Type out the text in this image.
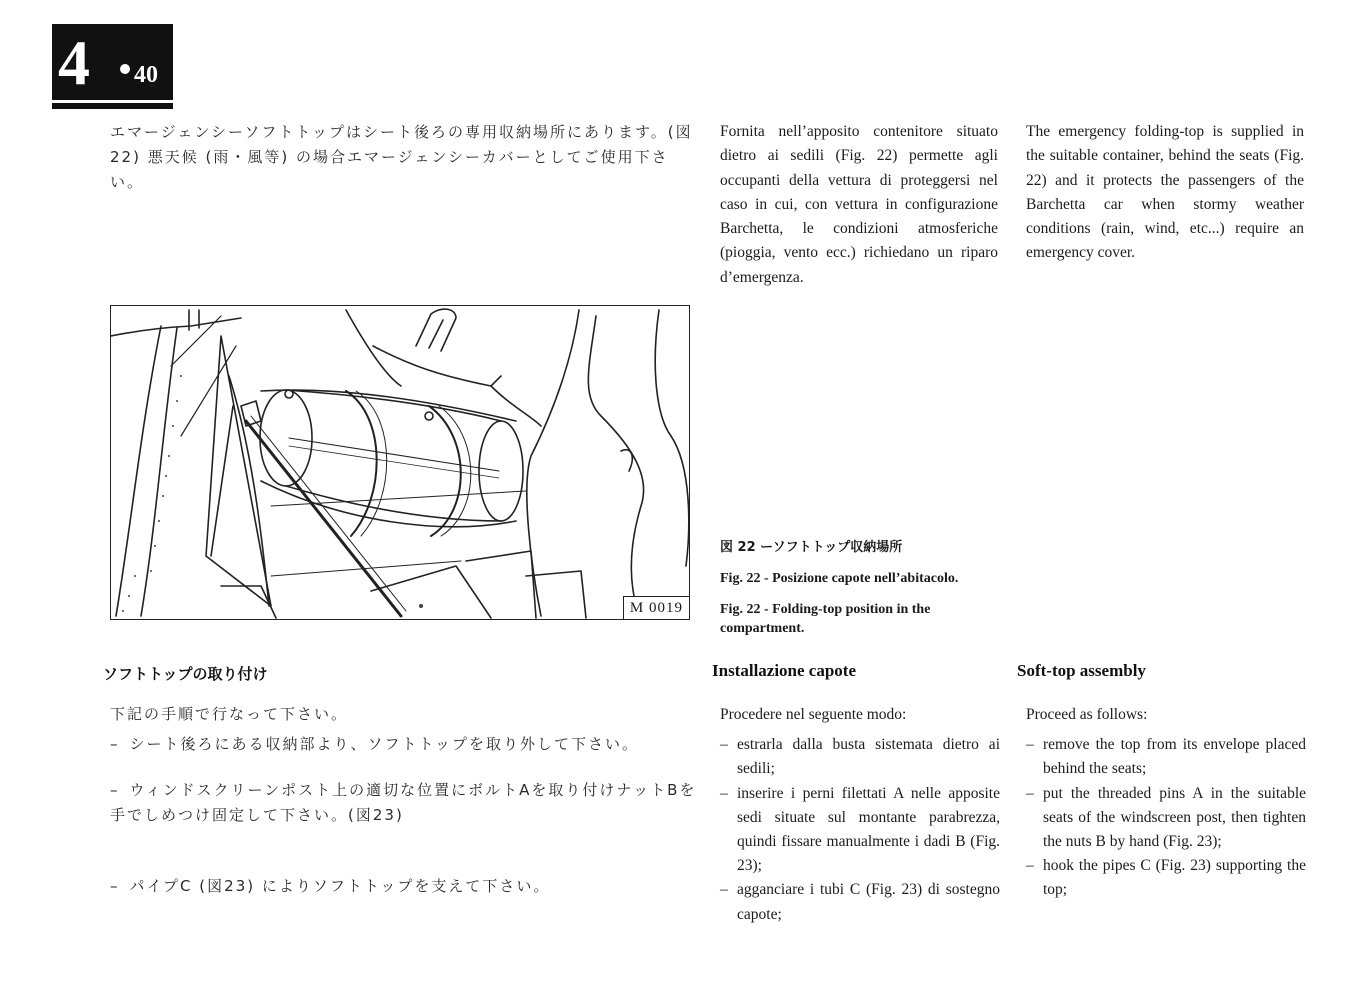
4 40
エマージェンシーソフトトップはシート後ろの専用収納場所にあります。(図22) 悪天候 (雨・風等) の場合エマージェンシーカバーとしてご使用下さい。
Fornita nell’apposito contenitore situato dietro ai sedili (Fig. 22) permette agli occupanti della vettura di proteggersi nel caso in cui, con vettura in configurazione Barchetta, le condizioni atmosferiche (pioggia, vento ecc.) richiedano un riparo d’emergenza.
The emergency folding-top is supplied in the suitable container, behind the seats (Fig. 22) and it protects the passengers of the Barchetta car when stormy weather conditions (rain, wind, etc...) require an emergency cover.
M 0019
図 22 ーソフトトップ収納場所
Fig. 22 - Posizione capote nell’abitacolo.
Fig. 22 - Folding-top position in the compartment.
ソフトトップの取り付け	Installazione capote	Soft-top assembly
下記の手順で行なって下さい。
– シート後ろにある収納部より、ソフトトップを取り外して下さい。
– ウィンドスクリーンポスト上の適切な位置にボルトAを取り付けナットBを手でしめつけ固定して下さい。(図23)
– パイプC (図23) によりソフトトップを支えて下さい。
Procedere nel seguente modo:
– estrarla dalla busta sistemata dietro ai sedili;
– inserire i perni filettati A nelle apposite sedi situate sul montante parabrezza, quindi fissare manualmente i dadi B (Fig. 23);
– agganciare i tubi C (Fig. 23) di sostegno capote;
Proceed as follows:
– remove the top from its envelope placed behind the seats;
– put the threaded pins A in the suitable seats of the windscreen post, then tighten the nuts B by hand (Fig. 23);
– hook the pipes C (Fig. 23) supporting the top;
